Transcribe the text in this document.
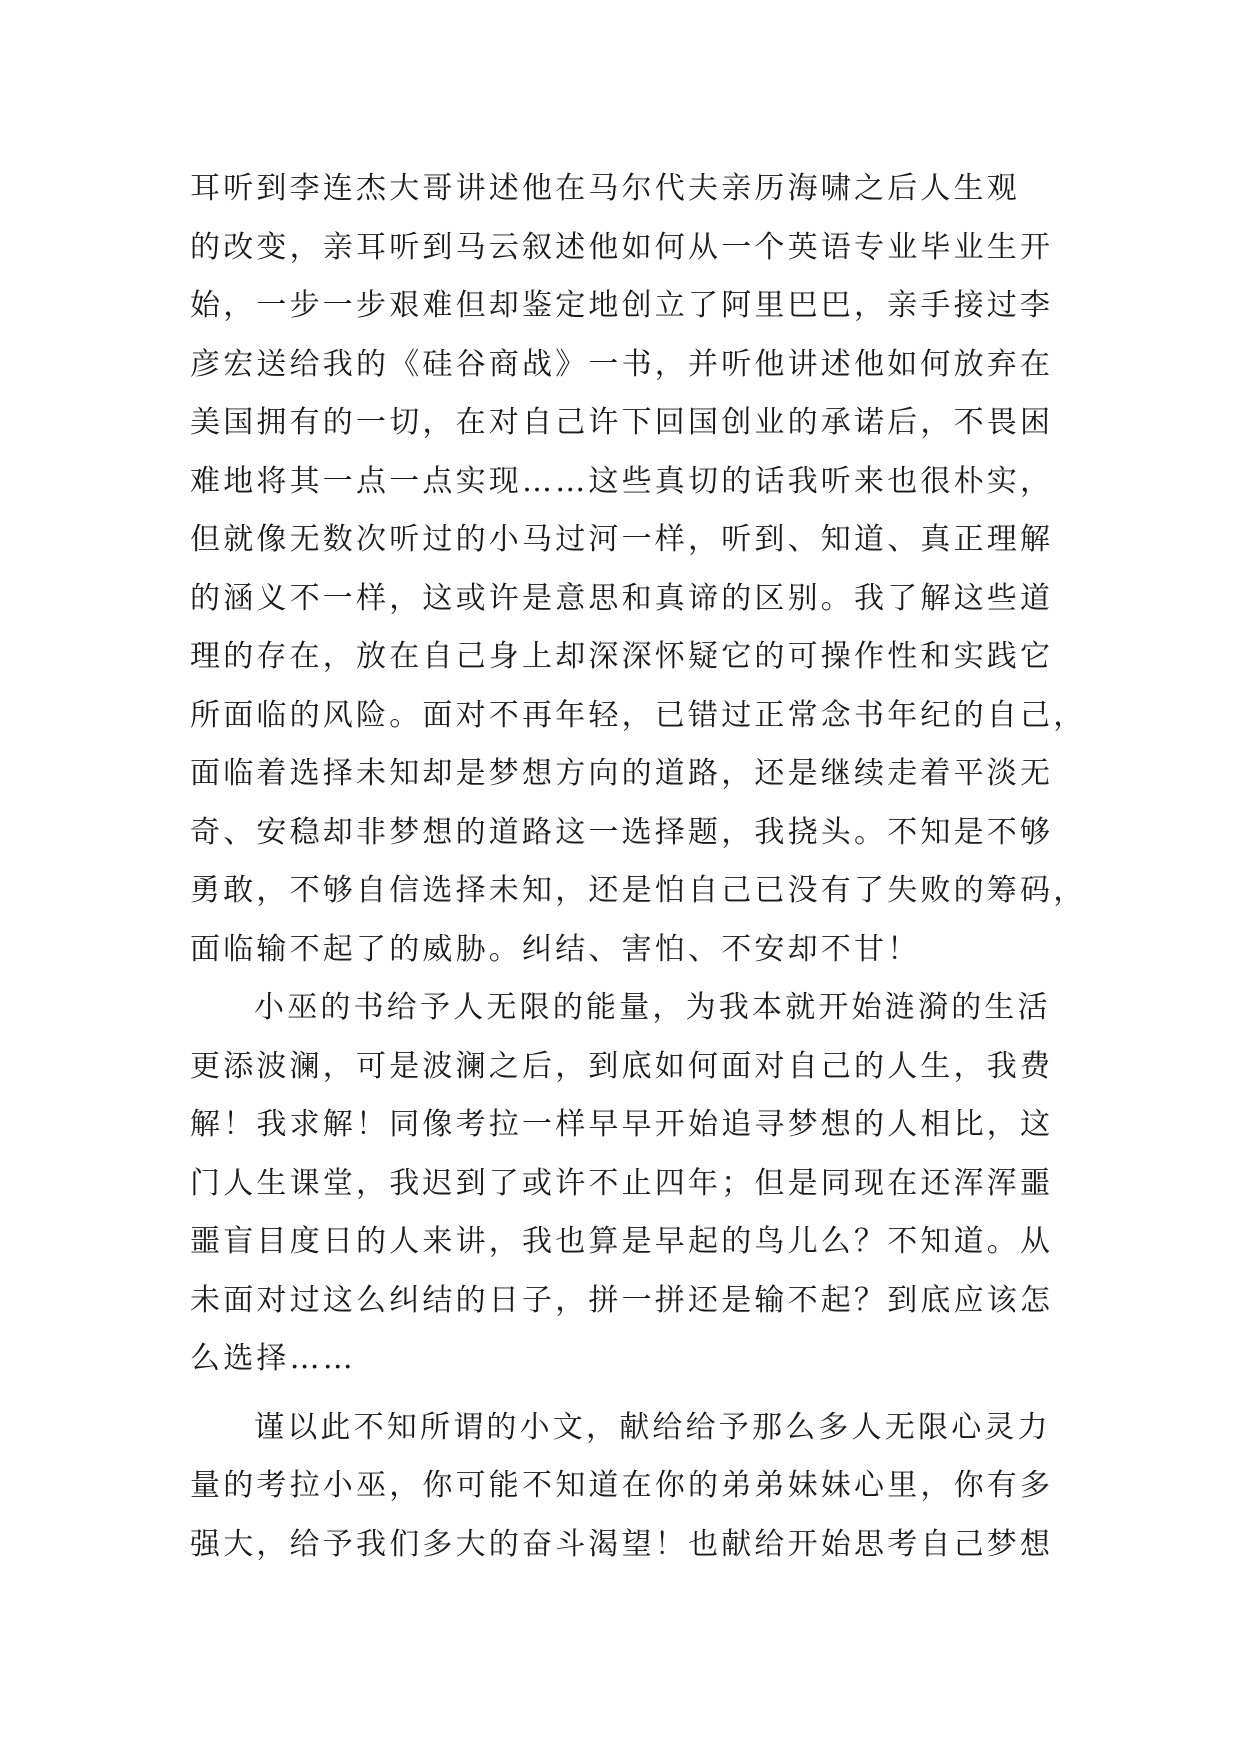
耳听到李连杰大哥讲述他在马尔代夫亲历海啸之后人生观
的改变，亲耳听到马云叙述他如何从一个英语专业毕业生开
始，一步一步艰难但却鉴定地创立了阿里巴巴，亲手接过李
彦宏送给我的《硅谷商战》一书，并听他讲述他如何放弃在
美国拥有的一切，在对自己许下回国创业的承诺后，不畏困
难地将其一点一点实现……这些真切的话我听来也很朴实，
但就像无数次听过的小马过河一样，听到、知道、真正理解
的涵义不一样，这或许是意思和真谛的区别。我了解这些道
理的存在，放在自己身上却深深怀疑它的可操作性和实践它
所面临的风险。面对不再年轻，已错过正常念书年纪的自己，
面临着选择未知却是梦想方向的道路，还是继续走着平淡无
奇、安稳却非梦想的道路这一选择题，我挠头。不知是不够
勇敢，不够自信选择未知，还是怕自己已没有了失败的筹码，
面临输不起了的威胁。纠结、害怕、不安却不甘！
小巫的书给予人无限的能量，为我本就开始涟漪的生活
更添波澜，可是波澜之后，到底如何面对自己的人生，我费
解！我求解！同像考拉一样早早开始追寻梦想的人相比，这
门人生课堂，我迟到了或许不止四年；但是同现在还浑浑噩
噩盲目度日的人来讲，我也算是早起的鸟儿么？不知道。从
未面对过这么纠结的日子，拼一拼还是输不起？到底应该怎
么选择……
谨以此不知所谓的小文，献给给予那么多人无限心灵力
量的考拉小巫，你可能不知道在你的弟弟妹妹心里，你有多
强大，给予我们多大的奋斗渴望！也献给开始思考自己梦想
